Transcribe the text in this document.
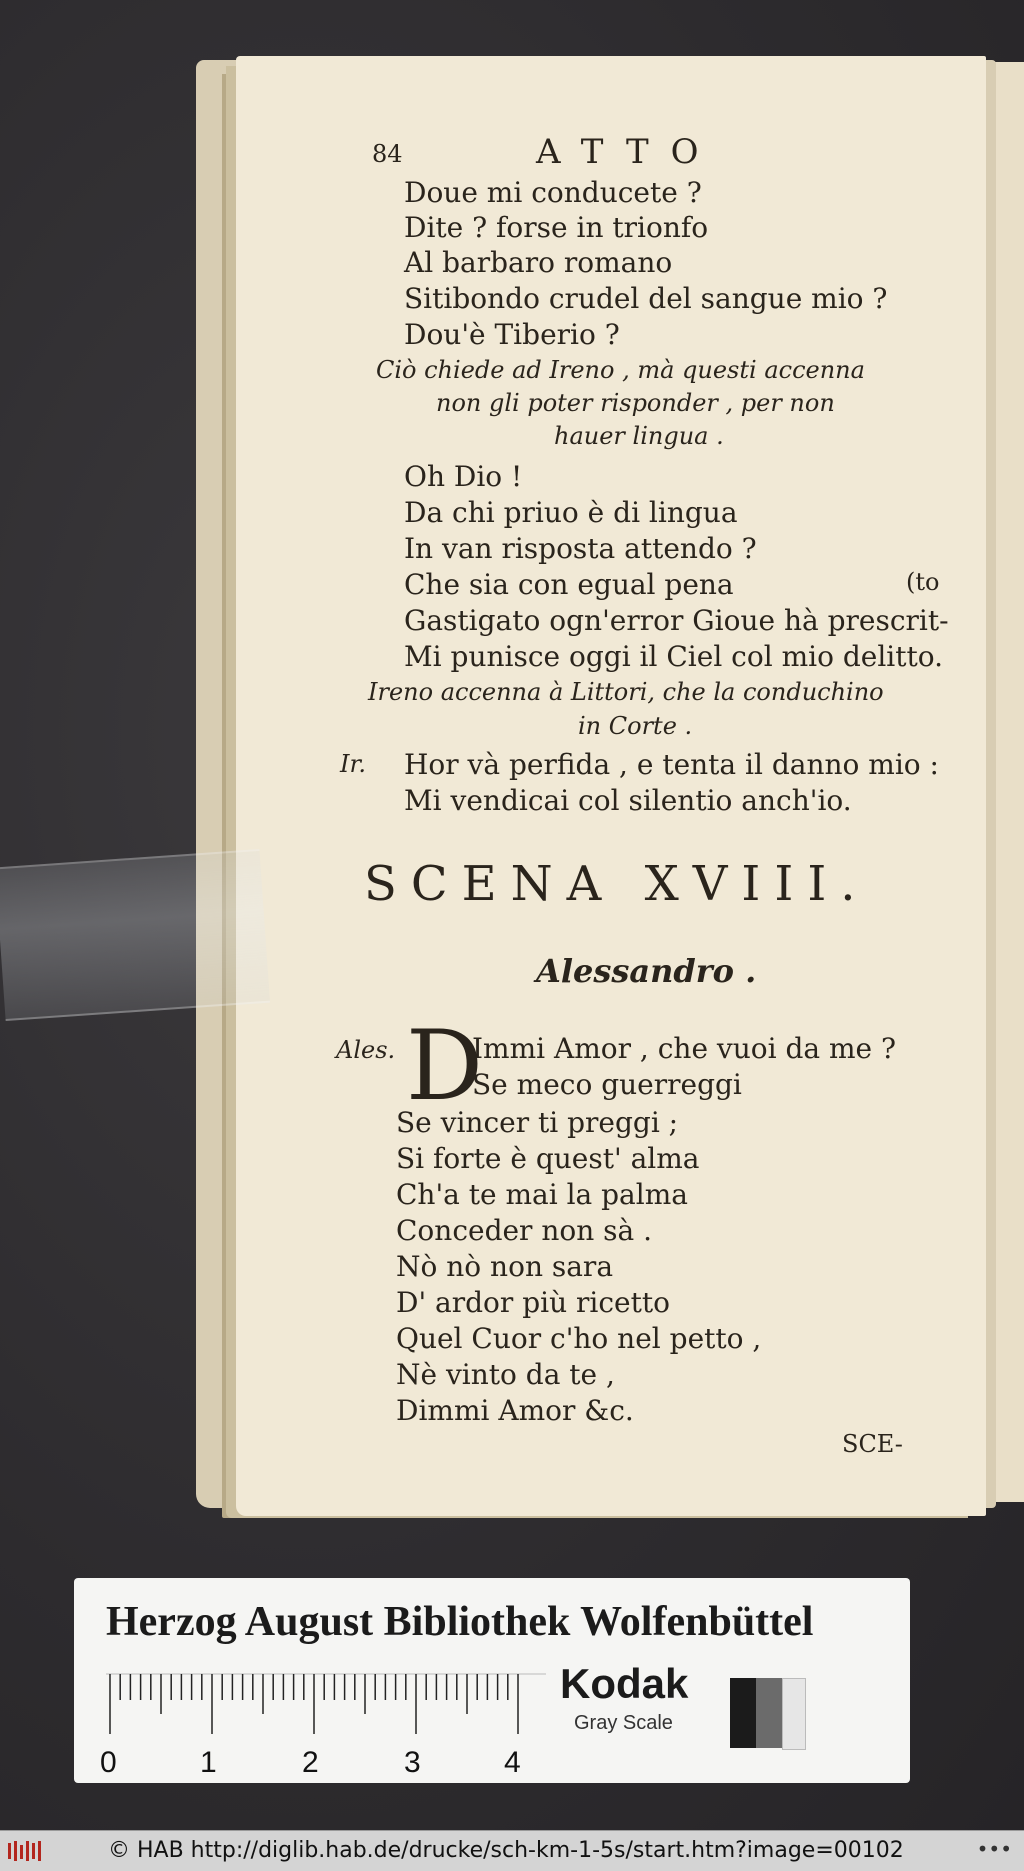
84	ATTO
Doue mi conducete ?
Dite ? forse in trionfo
Al barbaro romano
Sitibondo crudel del sangue mio ?
Dou'è Tiberio ?
Ciò chiede ad Ireno , mà questi accenna
non gli poter risponder , per non
hauer lingua .
Oh Dio !
Da chi priuo è di lingua
In van risposta attendo ?
Che sia con egual pena	(to
Gastigato ogn'error Gioue hà prescrit-
Mi punisce oggi il Ciel col mio delitto.
Ireno accenna à Littori, che la conduchino
in Corte .
Ir. Hor và perfida , e tenta il danno mio :
Mi vendicai col silentio anch'io.
SCENA XVIII.
Alessandro .
Ales. D
Immi Amor , che vuoi da me ?
Se meco guerreggi
Se vincer ti preggi ;
Si forte è quest' alma
Ch'a te mai la palma
Conceder non sà .
Nò nò non sara
D' ardor più ricetto
Quel Cuor c'ho nel petto ,
Nè vinto da te ,
Dimmi Amor &c.
SCE-
Herzog August Bibliothek Wolfenbüttel
0	1	2	3	4
Kodak
Gray Scale
© HAB http://diglib.hab.de/drucke/sch-km-1-5s/start.htm?image=00102	•••
